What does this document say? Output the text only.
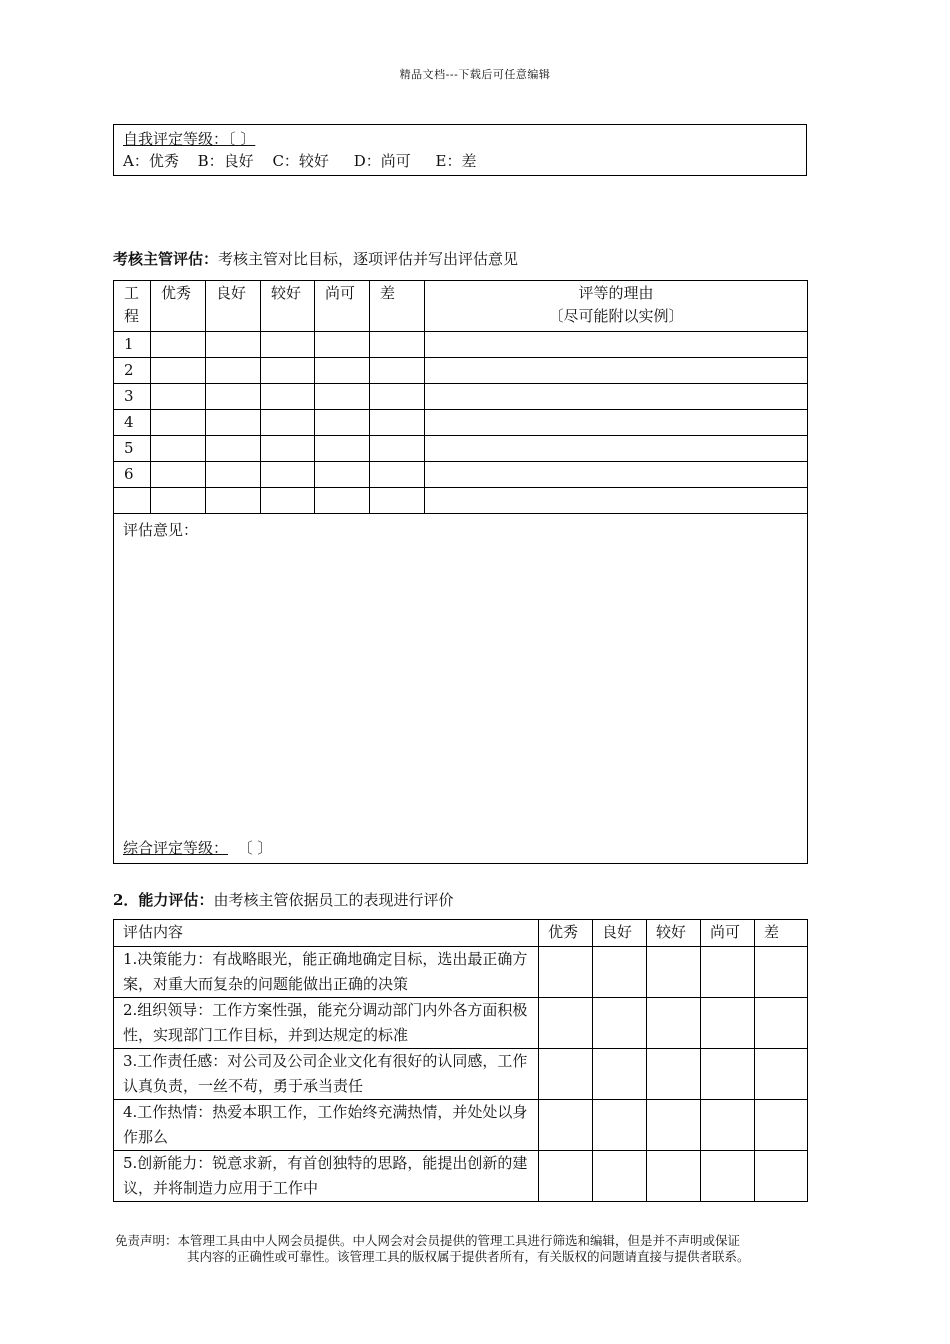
精品文档---下载后可任意编辑
自我评定等级：〔 〕
A：优秀 B：良好 C：较好 D：尚可 E：差
考核主管评估：考核主管对比目标，逐项评估并写出评估意见
工程	优秀	良好	较好	尚可	差	评等的理由
〔尽可能附以实例〕

1						
2						
3						
4						
5						
6						

评估意见：
综合评定等级： 〔 〕						
2．能力评估：由考核主管依据员工的表现进行评价
评估内容	优秀	良好	较好	尚可	差
1.决策能力：有战略眼光，能正确地确定目标，选出最正确方案，对重大而复杂的问题能做出正确的决策					
2.组织领导：工作方案性强，能充分调动部门内外各方面积极性，实现部门工作目标，并到达规定的标准					
3.工作责任感：对公司及公司企业文化有很好的认同感，工作认真负责，一丝不苟，勇于承当责任					
4.工作热情：热爱本职工作，工作始终充满热情，并处处以身作那么					
5.创新能力：锐意求新，有首创独特的思路，能提出创新的建议，并将制造力应用于工作中					
免责声明：本管理工具由中人网会员提供。中人网会对会员提供的管理工具进行筛选和编辑，但是并不声明或保证
其内容的正确性或可靠性。该管理工具的版权属于提供者所有，有关版权的问题请直接与提供者联系。
